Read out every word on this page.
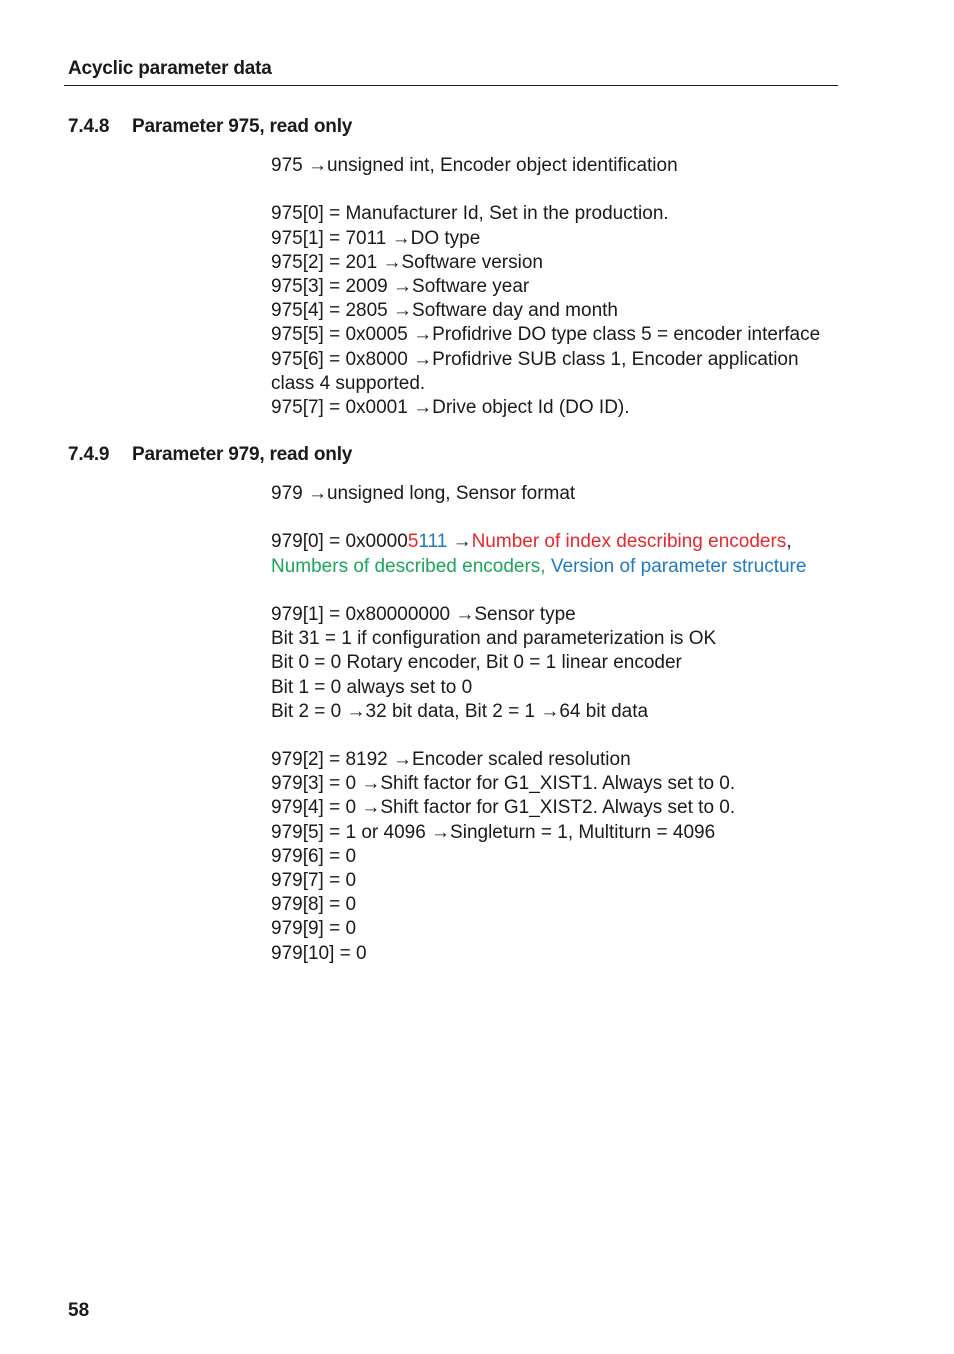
Acyclic parameter data
7.4.8 Parameter 975, read only
975 →unsigned int, Encoder object identification
975[0] = Manufacturer Id, Set in the production.
975[1] = 7011 →DO type
975[2] = 201 →Software version
975[3] = 2009 →Software year
975[4] = 2805 →Software day and month
975[5] = 0x0005 →Profidrive DO type class 5 = encoder interface
975[6] = 0x8000 →Profidrive SUB class 1, Encoder application
class 4 supported.
975[7] = 0x0001 →Drive object Id (DO ID).
7.4.9 Parameter 979, read only
979 →unsigned long, Sensor format
979[0] = 0x00005111 →Number of index describing encoders,
Numbers of described encoders, Version of parameter structure
979[1] = 0x80000000 →Sensor type
Bit 31 = 1 if configuration and parameterization is OK
Bit 0 = 0 Rotary encoder, Bit 0 = 1 linear encoder
Bit 1 = 0 always set to 0
Bit 2 = 0 →32 bit data, Bit 2 = 1 →64 bit data
979[2] = 8192 →Encoder scaled resolution
979[3] = 0 →Shift factor for G1_XIST1. Always set to 0.
979[4] = 0 →Shift factor for G1_XIST2. Always set to 0.
979[5] = 1 or 4096 →Singleturn = 1, Multiturn = 4096
979[6] = 0
979[7] = 0
979[8] = 0
979[9] = 0
979[10] = 0
58
